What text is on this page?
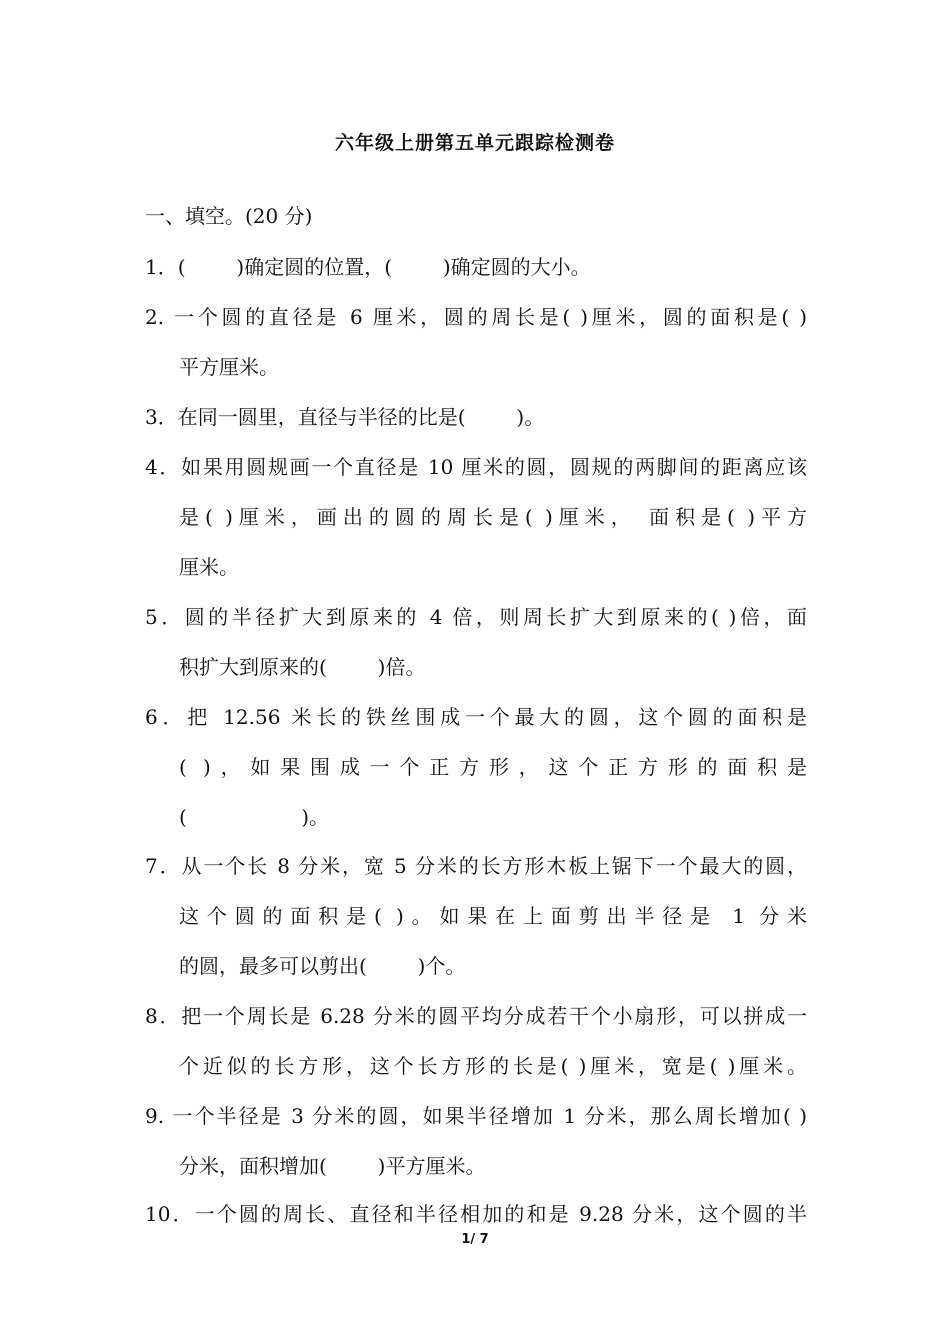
六年级上册第五单元跟踪检测卷
一、填空。(20 分)
1．(        )确定圆的位置，(        )确定圆的大小。
2. 一个圆的直径是 6 厘米，圆的周长是( )厘米，圆的面积是( )
平方厘米。
3．在同一圆里，直径与半径的比是(        )。
4．如果用圆规画一个直径是 10 厘米的圆，圆规的两脚间的距离应该
是( )厘米，画出的圆的周长是( )厘米， 面积是( )平方
厘米。
5．圆的半径扩大到原来的 4 倍，则周长扩大到原来的( )倍，面
积扩大到原来的(        )倍。
6．把 12.56 米长的铁丝围成一个最大的圆，这个圆的面积是
( )，如果围成一个正方形，这个正方形的面积是
(                  )。
7．从一个长 8 分米，宽 5 分米的长方形木板上锯下一个最大的圆，
这个圆的面积是( )。如果在上面剪出半径是 1 分米
的圆，最多可以剪出(        )个。
8．把一个周长是 6.28 分米的圆平均分成若干个小扇形，可以拼成一
个近似的长方形，这个长方形的长是( )厘米，宽是( )厘米。
9. 一个半径是 3 分米的圆，如果半径增加 1 分米，那么周长增加( )
分米，面积增加(        )平方厘米。
10．一个圆的周长、直径和半径相加的和是 9.28 分米，这个圆的半
1/ 7
